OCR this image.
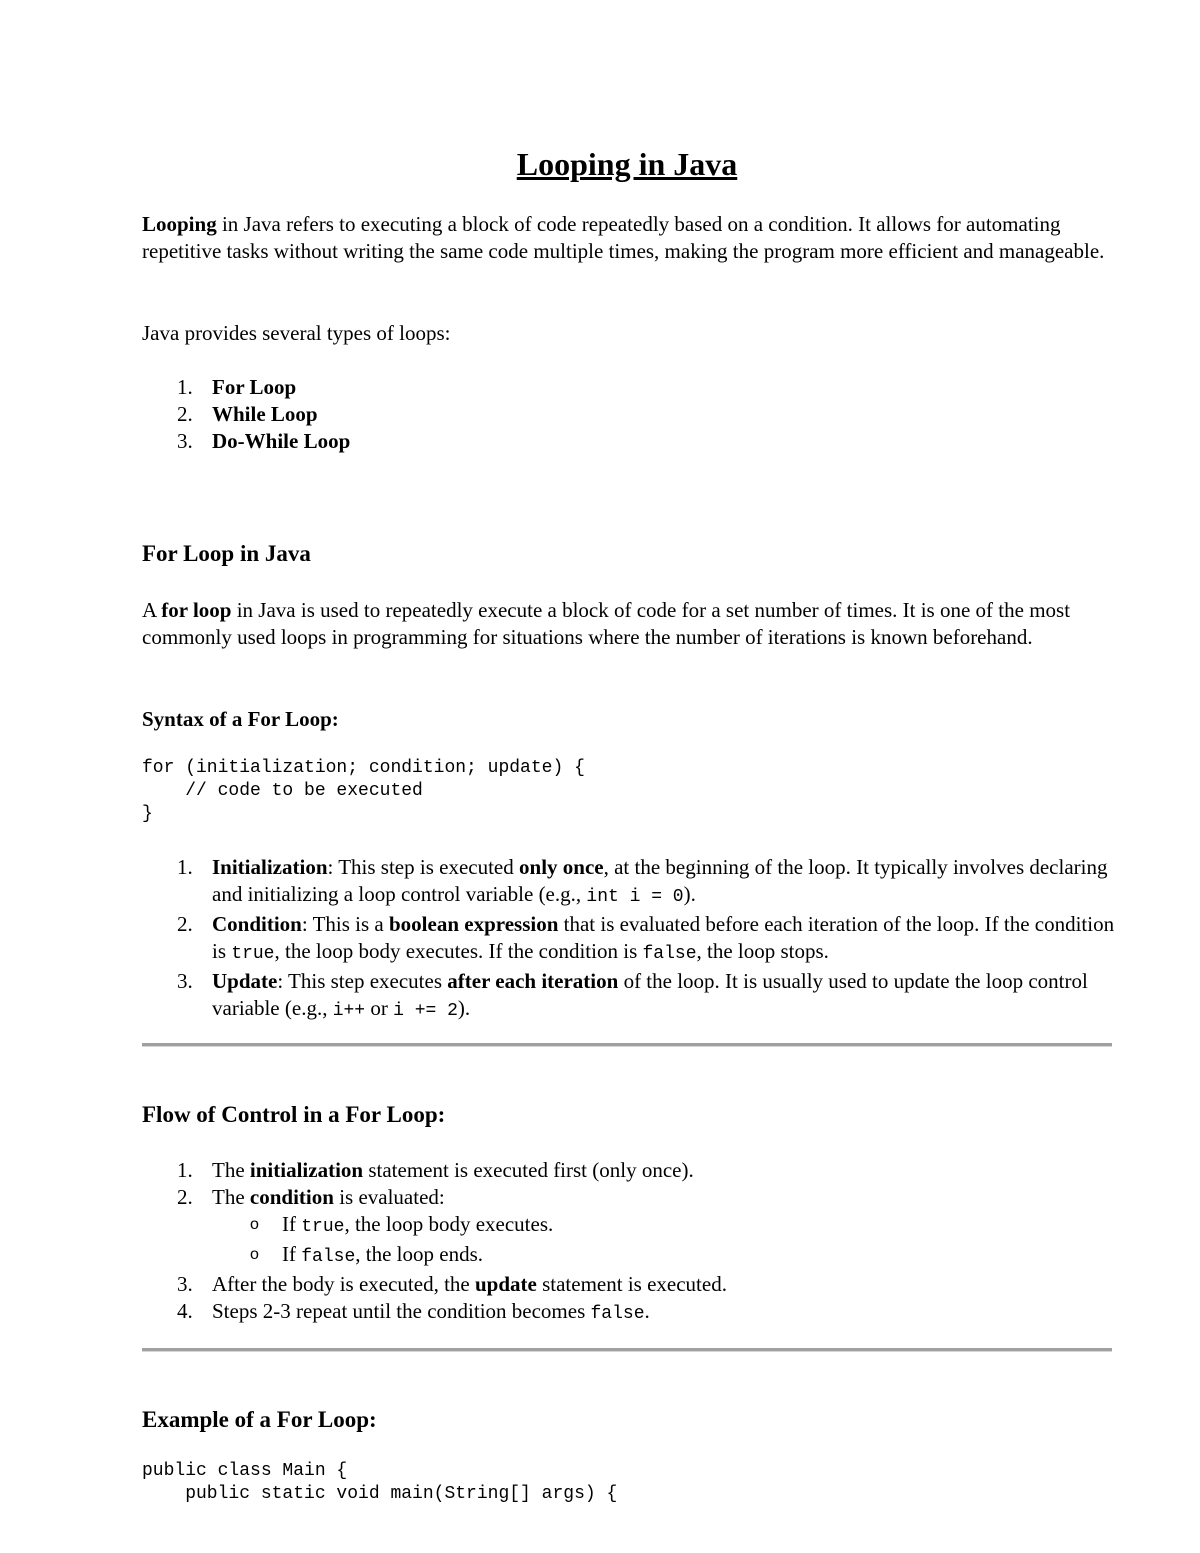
Looping in Java
Looping in Java refers to executing a block of code repeatedly based on a condition. It allows for automating repetitive tasks without writing the same code multiple times, making the program more efficient and manageable.
Java provides several types of loops:
1. For Loop
2. While Loop
3. Do-While Loop
For Loop in Java
A for loop in Java is used to repeatedly execute a block of code for a set number of times. It is one of the most commonly used loops in programming for situations where the number of iterations is known beforehand.
Syntax of a For Loop:
for (initialization; condition; update) {
// code to be executed
}
1. Initialization: This step is executed only once, at the beginning of the loop. It typically involves declaring and initializing a loop control variable (e.g., int i = 0).
2. Condition: This is a boolean expression that is evaluated before each iteration of the loop. If the condition is true, the loop body executes. If the condition is false, the loop stops.
3. Update: This step executes after each iteration of the loop. It is usually used to update the loop control variable (e.g., i++ or i += 2).
Flow of Control in a For Loop:
1. The initialization statement is executed first (only once).
2. The condition is evaluated:
o If true, the loop body executes.
o If false, the loop ends.
3. After the body is executed, the update statement is executed.
4. Steps 2-3 repeat until the condition becomes false.
Example of a For Loop:
public class Main {
public static void main(String[] args) {
